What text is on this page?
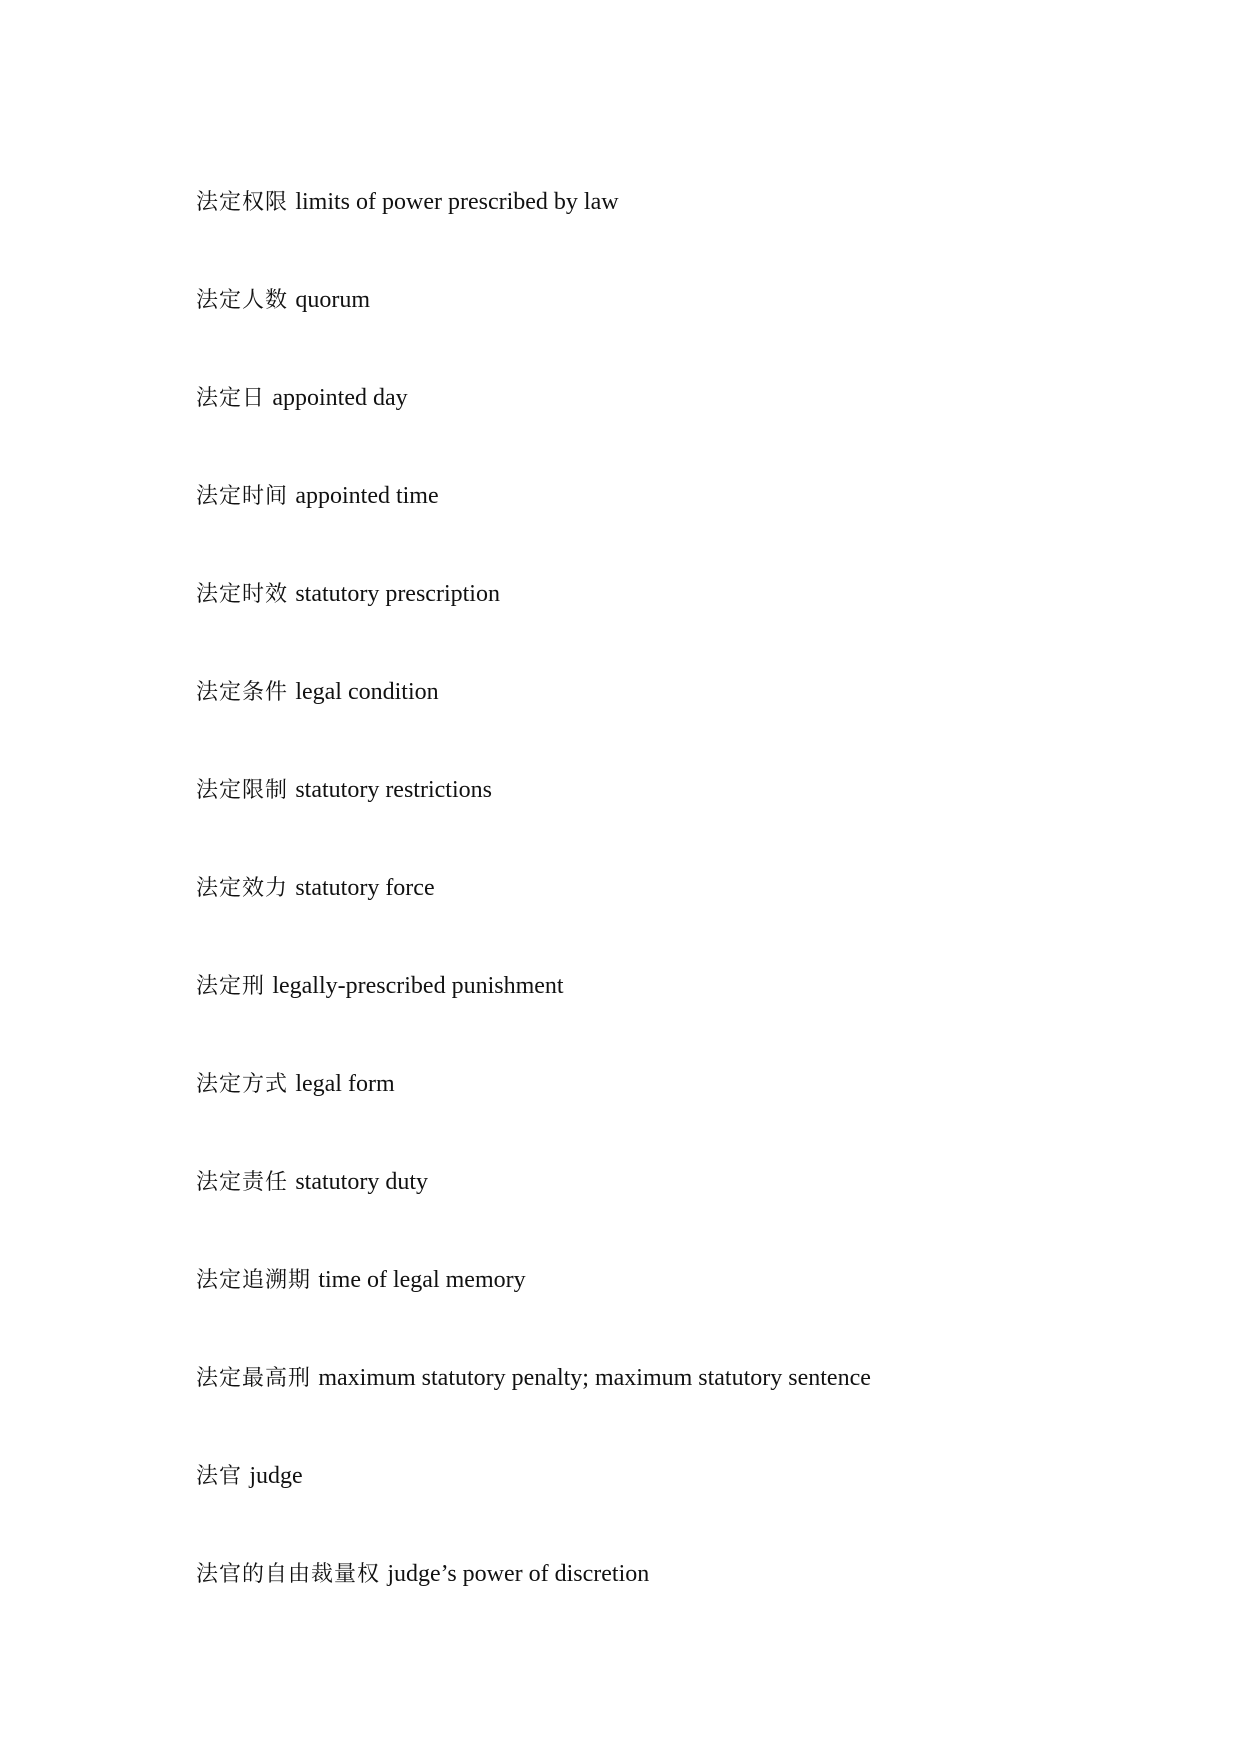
法定权限 limits of power prescribed by law
法定人数 quorum
法定日 appointed day
法定时间 appointed time
法定时效 statutory prescription
法定条件 legal condition
法定限制 statutory restrictions
法定效力 statutory force
法定刑 legally-prescribed punishment
法定方式 legal form
法定责任 statutory duty
法定追溯期 time of legal memory
法定最高刑 maximum statutory penalty; maximum statutory sentence
法官 judge
法官的自由裁量权 judge’s power of discretion
